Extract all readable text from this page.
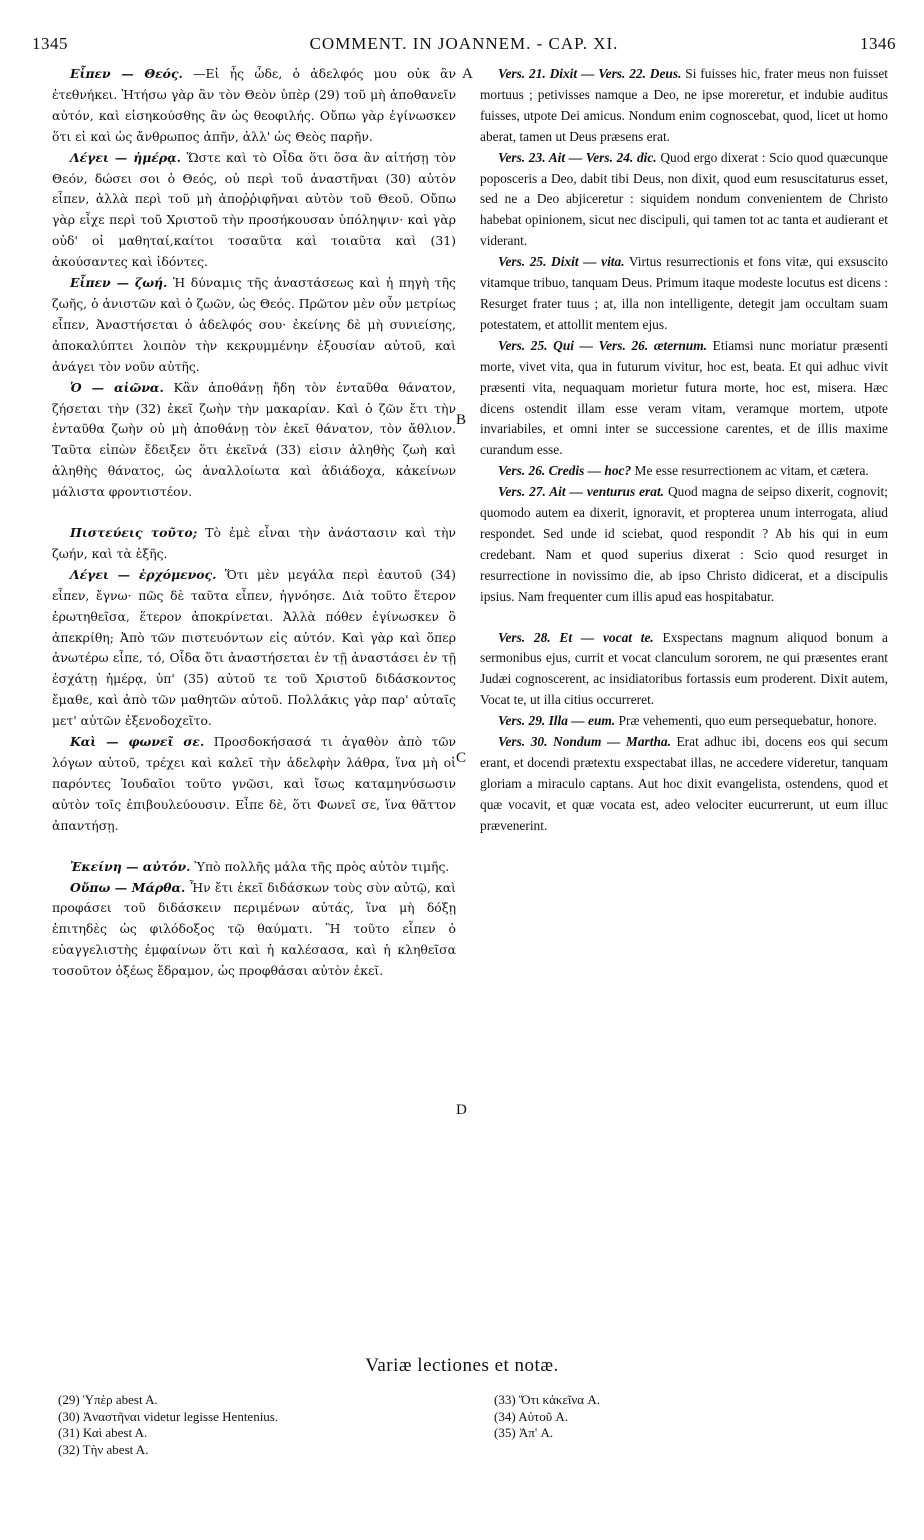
1345	COMMENT. IN JOANNEM. - CAP. XI.	1346
A
B
C
D

Εἶπεν — Θεός. —Εἰ ἦς ὧδε, ὁ ἀδελφός μου οὐκ ἂν ἐτεθνήκει. Ἠτήσω γὰρ ἂν τὸν Θεὸν ὑπὲρ (29) τοῦ μὴ ἀποθανεῖν αὐτόν, καὶ εἰσηκούσθης ἂν ὡς θεοφιλής. Οὔπω γὰρ ἐγίνωσκεν ὅτι εἰ καὶ ὡς ἄνθρωπος ἀπῆν, ἀλλ' ὡς Θεὸς παρῆν.

Λέγει — ἡμέρᾳ. Ὥστε καὶ τὸ Οἶδα ὅτι ὅσα ἂν αἰτήσῃ τὸν Θεόν, δώσει σοι ὁ Θεός, οὐ περὶ τοῦ ἀναστῆναι (30) αὐτὸν εἶπεν, ἀλλὰ περὶ τοῦ μὴ ἀποῤῥιφῆναι αὐτὸν τοῦ Θεοῦ. Οὔπω γὰρ εἶχε περὶ τοῦ Χριστοῦ τὴν προσήκουσαν ὑπόληψιν· καὶ γὰρ οὐδ' οἱ μαθηταί,καίτοι τοσαῦτα καὶ τοιαῦτα καὶ (31) ἀκούσαντες καὶ ἰδόντες.

Εἶπεν — ζωή. Ἡ δύναμις τῆς ἀναστάσεως καὶ ἡ πηγὴ τῆς ζωῆς, ὁ ἀνιστῶν καὶ ὁ ζωῶν, ὡς Θεός. Πρῶτον μὲν οὖν μετρίως εἶπεν, Ἀναστήσεται ὁ ἀδελφός σου· ἐκείνης δὲ μὴ συνιείσης, ἀποκαλύπτει λοιπὸν τὴν κεκρυμμένην ἐξουσίαν αὐτοῦ, καὶ ἀνάγει τὸν νοῦν αὐτῆς.

Ὁ — αἰῶνα. Κἂν ἀποθάνῃ ἤδη τὸν ἐνταῦθα θάνατον, ζήσεται τὴν (32) ἐκεῖ ζωὴν τὴν μακαρίαν. Καὶ ὁ ζῶν ἔτι τὴν ἐνταῦθα ζωὴν οὐ μὴ ἀποθάνῃ τὸν ἐκεῖ θάνατον, τὸν ἄθλιον. Ταῦτα εἰπὼν ἔδειξεν ὅτι ἐκεῖνά (33) εἰσιν ἀληθὴς ζωὴ καὶ ἀληθὴς θάνατος, ὡς ἀναλλοίωτα καὶ ἀδιάδοχα, κἀκείνων μάλιστα φροντιστέον.

Πιστεύεις τοῦτο; Τὸ ἐμὲ εἶναι τὴν ἀνάστασιν καὶ τὴν ζωήν, καὶ τὰ ἑξῆς.

Λέγει — ἐρχόμενος. Ὅτι μὲν μεγάλα περὶ ἑαυτοῦ (34) εἶπεν, ἔγνω· πῶς δὲ ταῦτα εἶπεν, ἠγνόησε. Διὰ τοῦτο ἕτερον ἐρωτηθεῖσα, ἕτερον ἀποκρίνεται. Ἀλλὰ πόθεν ἐγίνωσκεν ὃ ἀπεκρίθη; Ἀπὸ τῶν πιστευόντων εἰς αὐτόν. Καὶ γὰρ καὶ ὅπερ ἀνωτέρω εἶπε, τό, Οἶδα ὅτι ἀναστήσεται ἐν τῇ ἀναστάσει ἐν τῇ ἐσχάτῃ ἡμέρᾳ, ὑπ' (35) αὐτοῦ τε τοῦ Χριστοῦ διδάσκοντος ἔμαθε, καὶ ἀπὸ τῶν μαθητῶν αὐτοῦ. Πολλάκις γὰρ παρ' αὐταῖς μετ' αὐτῶν ἐξενοδοχεῖτο.

Καὶ — φωνεῖ σε. Προσδοκήσασά τι ἀγαθὸν ἀπὸ τῶν λόγων αὐτοῦ, τρέχει καὶ καλεῖ τὴν ἀδελφὴν λάθρα, ἵνα μὴ οἱ παρόντες Ἰουδαῖοι τοῦτο γνῶσι, καὶ ἴσως καταμηνύσωσιν αὐτὸν τοῖς ἐπιβουλεύουσιν. Εἶπε δὲ, ὅτι Φωνεῖ σε, ἵνα θᾶττον ἀπαντήσῃ.

Ἐκείνη — αὐτόν. Ὑπὸ πολλῆς μάλα τῆς πρὸς αὐτὸν τιμῆς.

Οὔπω — Μάρθα. Ἦν ἔτι ἐκεῖ διδάσκων τοὺς σὺν αὐτῷ, καὶ προφάσει τοῦ διδάσκειν περιμένων αὐτάς, ἵνα μὴ δόξῃ ἐπιτηδὲς ὡς φιλόδοξος τῷ θαύματι. Ἢ τοῦτο εἶπεν ὁ εὐαγγελιστὴς ἐμφαίνων ὅτι καὶ ἡ καλέσασα, καὶ ἡ κληθεῖσα τοσοῦτον ὀξέως ἔδραμον, ὡς προφθάσαι αὐτὸν ἐκεῖ.

Vers. 21. Dixit — Vers. 22. Deus. Si fuisses hic, frater meus non fuisset mortuus ; petivisses namque a Deo, ne ipse moreretur, et indubie auditus fuisses, utpote Dei amicus. Nondum enim cognoscebat, quod, licet ut homo aberat, tamen ut Deus præsens erat.

Vers. 23. Ait — Vers. 24. dic. Quod ergo dixerat : Scio quod quæcunque poposceris a Deo, dabit tibi Deus, non dixit, quod eum resuscitaturus esset, sed ne a Deo abjiceretur : siquidem nondum convenientem de Christo habebat opinionem, sicut nec discipuli, qui tamen tot ac tanta et audierant et viderant.

Vers. 25. Dixit — vita. Virtus resurrectionis et fons vitæ, qui exsuscito vitamque tribuo, tanquam Deus. Primum itaque modeste locutus est dicens : Resurget frater tuus ; at, illa non intelligente, detegit jam occultam suam potestatem, et attollit mentem ejus.

Vers. 25. Qui — Vers. 26. æternum. Etiamsi nunc moriatur præsenti morte, vivet vita, qua in futurum vivitur, hoc est, beata. Et qui adhuc vivit præsenti vita, nequaquam morietur futura morte, hoc est, misera. Hæc dicens ostendit illam esse veram vitam, veramque mortem, utpote invariabiles, et omni inter se successione carentes, et de illis maxime curandum esse.

Vers. 26. Credis — hoc? Me esse resurrectionem ac vitam, et cætera.

Vers. 27. Ait — venturus erat. Quod magna de seipso dixerit, cognovit; quomodo autem ea dixerit, ignoravit, et propterea unum interrogata, aliud respondet. Sed unde id sciebat, quod respondit ? Ab his qui in eum credebant. Nam et quod superius dixerat : Scio quod resurget in resurrectione in novissimo die, ab ipso Christo didicerat, et a discipulis ipsius. Nam frequenter cum illis apud eas hospitabatur.

Vers. 28. Et — vocat te. Exspectans magnum aliquod bonum a sermonibus ejus, currit et vocat clanculum sororem, ne qui præsentes erant Judæi cognoscerent, ac insidiatoribus fortassis eum proderent. Dixit autem, Vocat te, ut illa citius occurreret.

Vers. 29. Illa — eum. Præ vehementi, quo eum persequebatur, honore.

Vers. 30. Nondum — Martha. Erat adhuc ibi, docens eos qui secum erant, et docendi prætextu exspectabat illas, ne accedere videretur, tanquam gloriam a miraculo captans. Aut hoc dixit evangelista, ostendens, quod et quæ vocavit, et quæ vocata est, adeo velociter eucurrerunt, ut eum illuc prævenerint.

Variæ lectiones et notæ.
(29) Ὑπὲρ abest A.
(30) Ἀναστῆναι videtur legisse Hentenius.
(31) Καὶ abest A.
(32) Τὴν abest A.
(33) Ὅτι κἀκεῖνα A.
(34) Αὐτοῦ A.
(35) Ἀπ' A.
